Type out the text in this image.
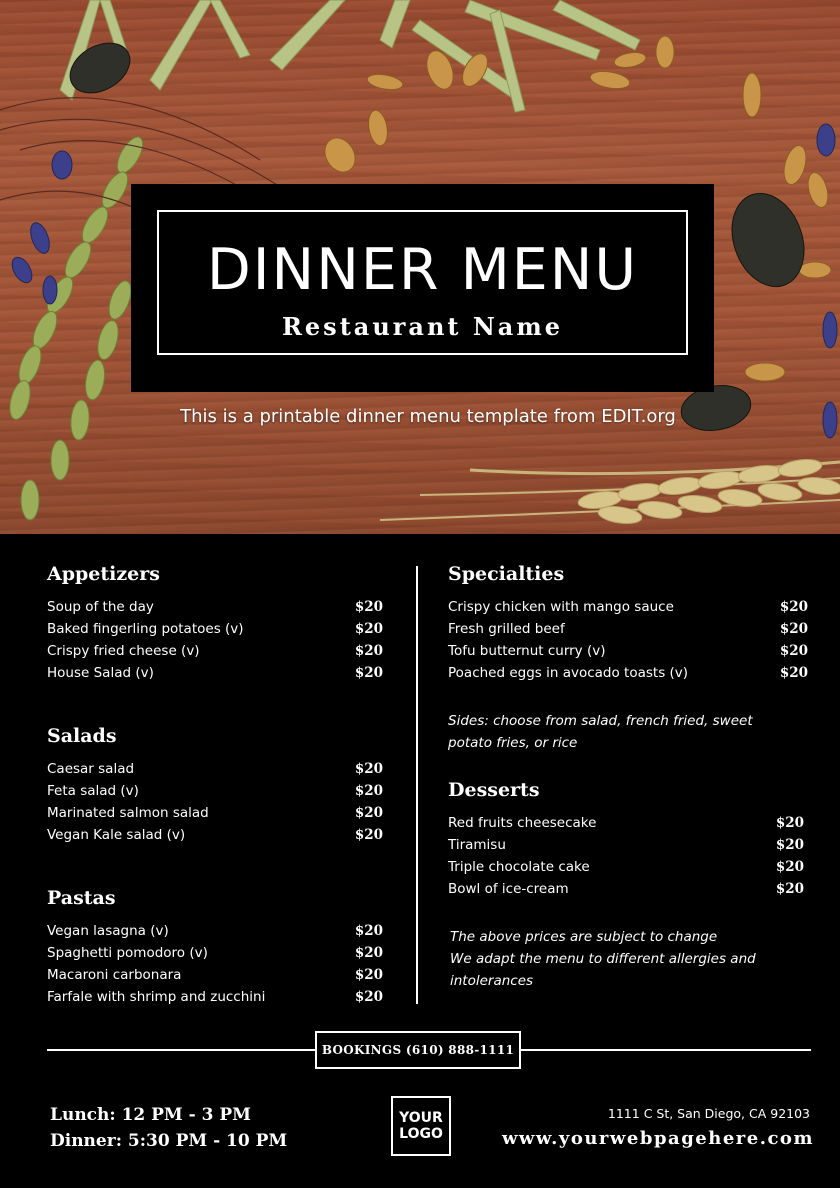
DINNER MENU
Restaurant Name
This is a printable dinner menu template from EDIT.org
Appetizers
Soup of the day	$20
Baked fingerling potatoes (v)	$20
Crispy fried cheese (v)	$20
House Salad (v)	$20
Salads
Caesar salad	$20
Feta salad (v)	$20
Marinated salmon salad	$20
Vegan Kale salad (v)	$20
Pastas
Vegan lasagna (v)	$20
Spaghetti pomodoro (v)	$20
Macaroni carbonara	$20
Farfale with shrimp and zucchini	$20
Specialties
Crispy chicken with mango sauce	$20
Fresh grilled beef	$20
Tofu butternut curry (v)	$20
Poached eggs in avocado toasts (v)	$20
Sides: choose from salad, french fried, sweet
potato fries, or rice
Desserts
Red fruits cheesecake	$20
Tiramisu	$20
Triple chocolate cake	$20
Bowl of ice-cream	$20
The above prices are subject to change
We adapt the menu to different allergies and
intolerances
BOOKINGS (610) 888-1111
Lunch: 12 PM - 3 PM
Dinner: 5:30 PM - 10 PM
YOUR
LOGO
1111 C St, San Diego, CA 92103
www.yourwebpagehere.com
